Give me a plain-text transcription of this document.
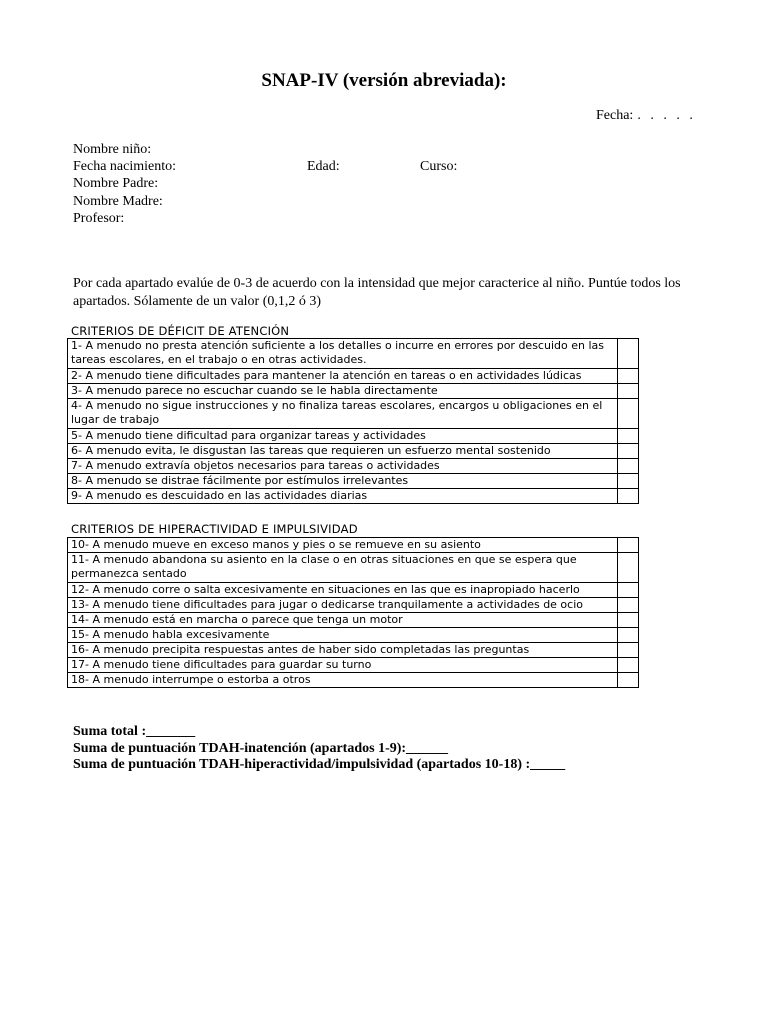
SNAP-IV (versión abreviada):
Fecha: . . . . .
Nombre niño:
Fecha nacimiento:	Edad:	Curso:
Nombre Padre:
Nombre Madre:
Profesor:
Por cada apartado evalúe de 0-3 de acuerdo con la intensidad que mejor caracterice al niño. Puntúe todos los apartados. Sólamente de un valor (0,1,2 ó 3)
CRITERIOS DE DÉFICIT DE ATENCIÓN
1- A menudo no presta atención suficiente a los detalles o incurre en errores por descuido en las tareas escolares, en el trabajo o en otras actividades.	
2- A menudo tiene dificultades para mantener la atención en tareas o en actividades lúdicas	
3- A menudo parece no escuchar cuando se le habla directamente	
4- A menudo no sigue instrucciones y no finaliza tareas escolares, encargos u obligaciones en el lugar de trabajo	
5- A menudo tiene dificultad para organizar tareas y actividades	
6- A menudo evita, le disgustan las tareas que requieren un esfuerzo mental sostenido	
7- A menudo extravía objetos necesarios para tareas o actividades	
8- A menudo se distrae fácilmente por estímulos irrelevantes	
9- A menudo es descuidado en las actividades diarias	
CRITERIOS DE HIPERACTIVIDAD E IMPULSIVIDAD
10- A menudo mueve en exceso manos y pies o se remueve en su asiento	
11- A menudo abandona su asiento en la clase o en otras situaciones en que se espera que permanezca sentado	
12- A menudo corre o salta excesivamente en situaciones en las que es inapropiado hacerlo	
13- A menudo tiene dificultades para jugar o dedicarse tranquilamente a actividades de ocio	
14- A menudo está en marcha o parece que tenga un motor	
15- A menudo habla excesivamente	
16- A menudo precipita respuestas antes de haber sido completadas las preguntas	
17- A menudo tiene dificultades para guardar su turno	
18- A menudo interrumpe o estorba a otros	
Suma total :_______
Suma de puntuación TDAH-inatención (apartados 1-9):______
Suma de puntuación TDAH-hiperactividad/impulsividad (apartados 10-18) :_____
